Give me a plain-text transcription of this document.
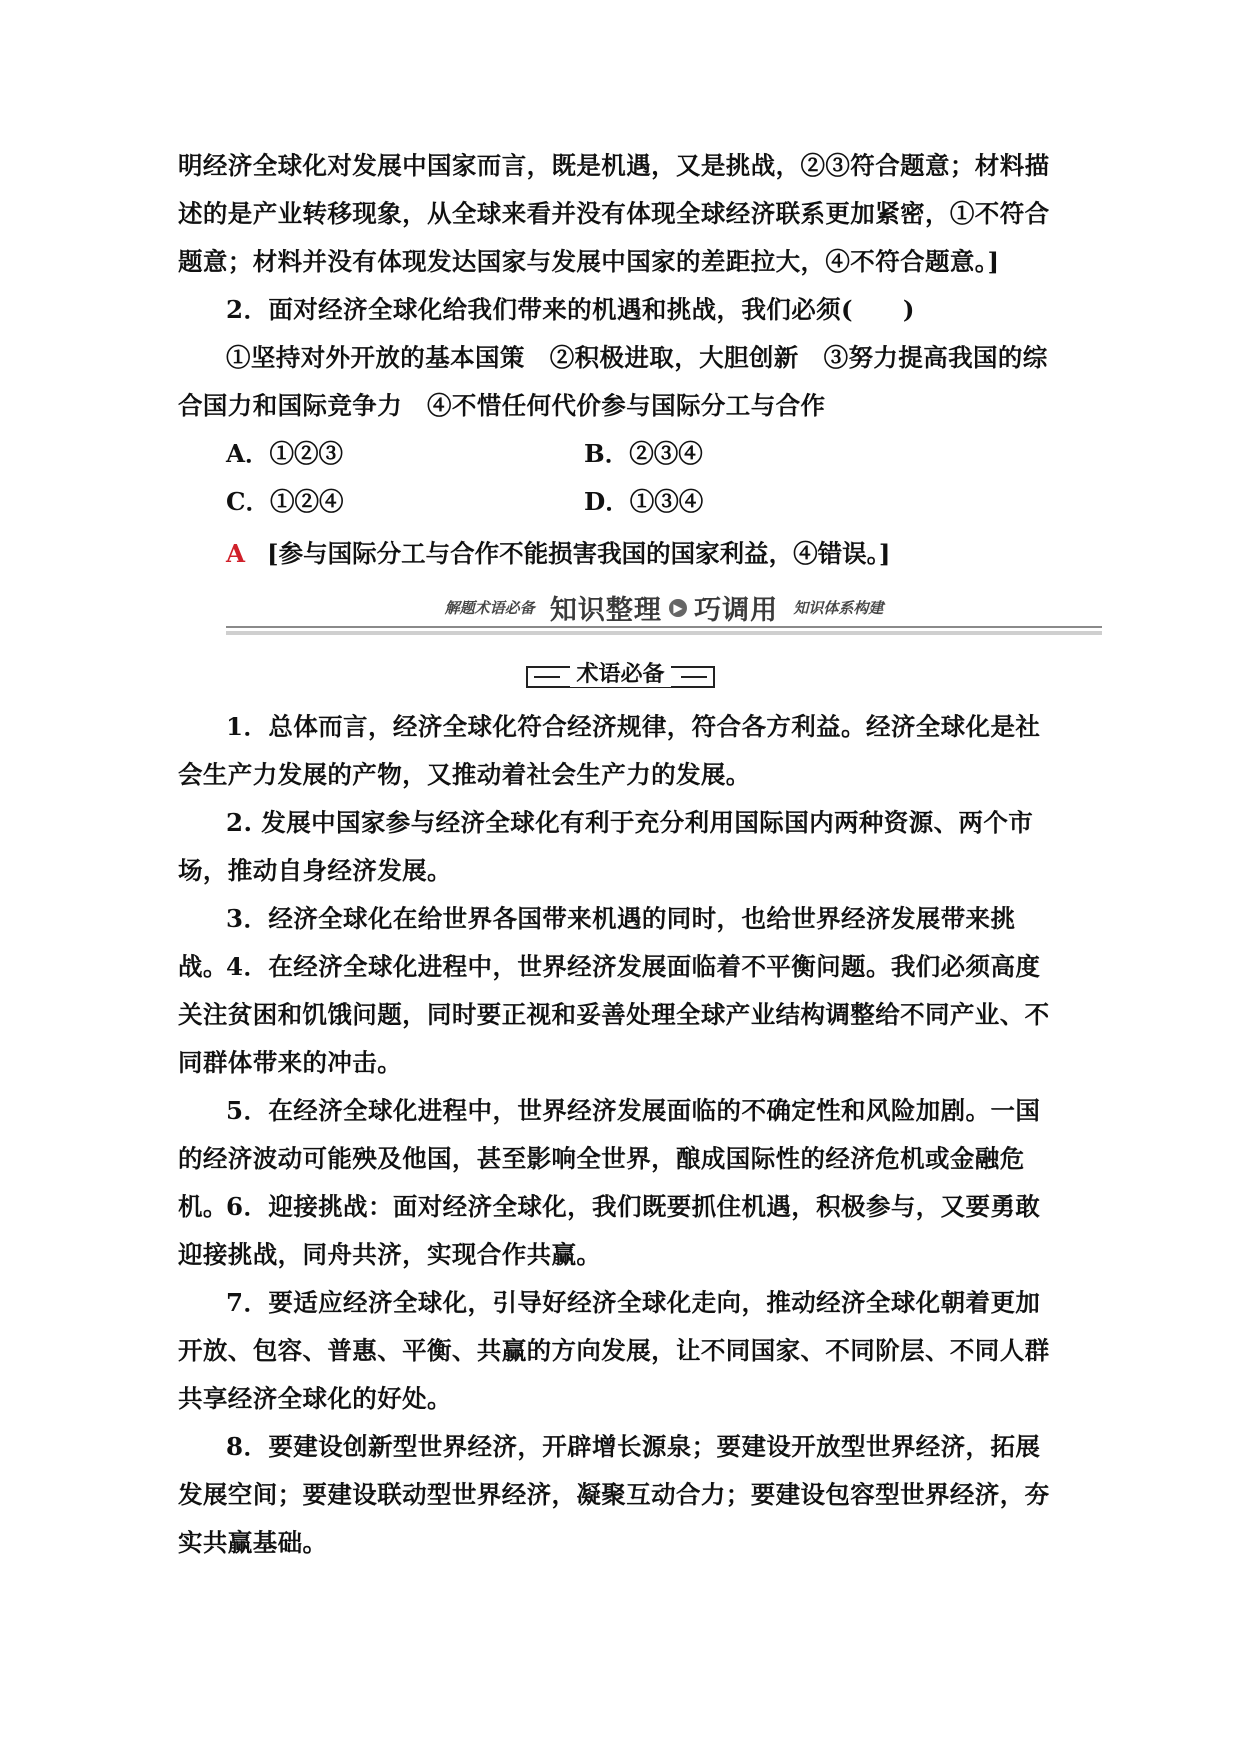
明经济全球化对发展中国家而言，既是机遇，又是挑战，②③符合题意；材料描述的是产业转移现象，从全球来看并没有体现全球经济联系更加紧密，①不符合题意；材料并没有体现发达国家与发展中国家的差距拉大，④不符合题意。]

2．面对经济全球化给我们带来的机遇和挑战，我们必须(　　)

①坚持对外开放的基本国策　②积极进取，大胆创新　③努力提高我国的综合国力和国际竞争力　④不惜任何代价参与国际分工与合作

A．①②③	B．②③④
C．①②④	D．①③④
A [参与国际分工与合作不能损害我国的国家利益，④错误。]
解题术语必备 知识整理 ▶ 巧调用 知识体系构建
术语必备

1．总体而言，经济全球化符合经济规律，符合各方利益。经济全球化是社会生产力发展的产物，又推动着社会生产力的发展。

2. 发展中国家参与经济全球化有利于充分利用国际国内两种资源、两个市场，推动自身经济发展。

3．经济全球化在给世界各国带来机遇的同时，也给世界经济发展带来挑战。

4．在经济全球化进程中，世界经济发展面临着不平衡问题。我们必须高度关注贫困和饥饿问题，同时要正视和妥善处理全球产业结构调整给不同产业、不同群体带来的冲击。

5．在经济全球化进程中，世界经济发展面临的不确定性和风险加剧。一国的经济波动可能殃及他国，甚至影响全世界，酿成国际性的经济危机或金融危机。

6．迎接挑战：面对经济全球化，我们既要抓住机遇，积极参与，又要勇敢迎接挑战，同舟共济，实现合作共赢。

7．要适应经济全球化，引导好经济全球化走向，推动经济全球化朝着更加开放、包容、普惠、平衡、共赢的方向发展，让不同国家、不同阶层、不同人群共享经济全球化的好处。

8．要建设创新型世界经济，开辟增长源泉；要建设开放型世界经济，拓展发展空间；要建设联动型世界经济，凝聚互动合力；要建设包容型世界经济，夯实共赢基础。
